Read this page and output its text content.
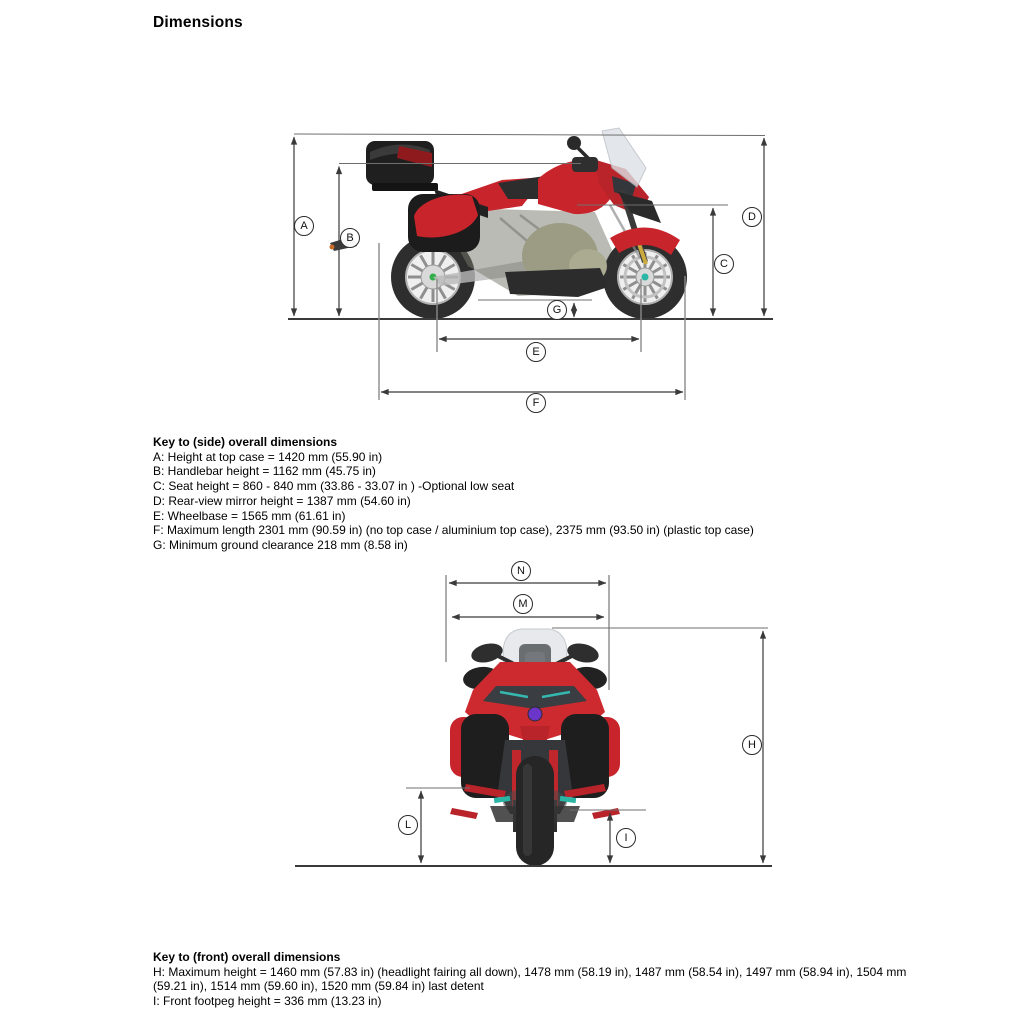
Dimensions
A
B
C
D
E
F
G
N
M
H
L
I
Key to (side) overall dimensions
A: Height at top case = 1420 mm (55.90 in)
B: Handlebar height = 1162 mm (45.75 in)
C: Seat height = 860 - 840 mm (33.86 - 33.07 in ) -Optional low seat
D: Rear-view mirror height = 1387 mm (54.60 in)
E: Wheelbase = 1565 mm (61.61 in)
F: Maximum length 2301 mm (90.59 in) (no top case / aluminium top case), 2375 mm (93.50 in) (plastic top case)
G: Minimum ground clearance 218 mm (8.58 in)
Key to (front) overall dimensions
H: Maximum height = 1460 mm (57.83 in) (headlight fairing all down), 1478 mm (58.19 in), 1487 mm (58.54 in), 1497 mm (58.94 in), 1504 mm (59.21 in), 1514 mm (59.60 in), 1520 mm (59.84 in) last detent
I: Front footpeg height = 336 mm (13.23 in)
